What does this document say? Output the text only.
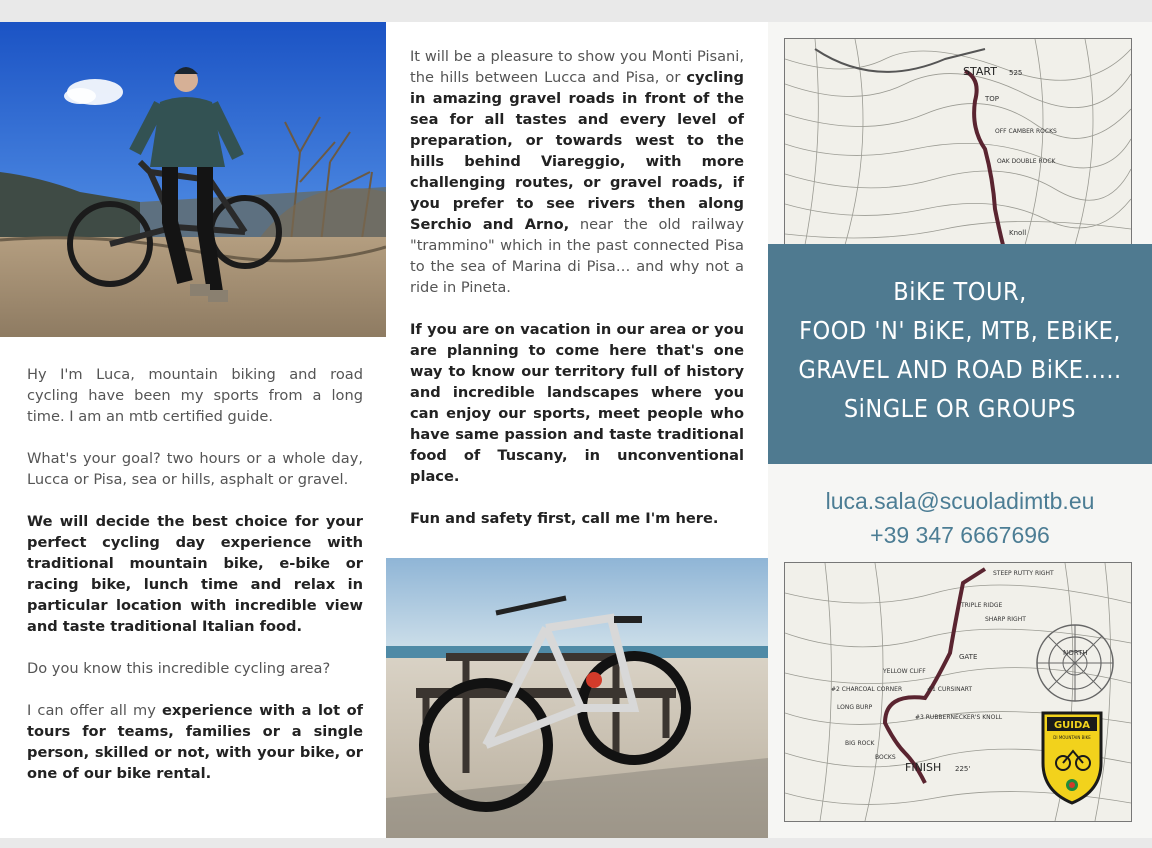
Hy I'm Luca, mountain biking and road cycling have been my sports from a long time. I am an mtb certified guide.

What's your goal? two hours or a whole day, Lucca or Pisa, sea or hills, asphalt or gravel.

We will decide the best choice for your perfect cycling day experience with traditional mountain bike, e-bike or racing bike, lunch time and relax in particular location with incredible view and taste traditional Italian food.

Do you know this incredible cycling area?

I can offer all my experience with a lot of tours for teams, families or a single person, skilled or not, with your bike, or one of our bike rental.

It will be a pleasure to show you Monti Pisani, the hills between Lucca and Pisa, or cycling in amazing gravel roads in front of the sea for all tastes and every level of preparation, or towards west to the hills behind Viareggio, with more challenging routes, or gravel roads, if you prefer to see rivers then along Serchio and Arno, near the old railway "trammino" which in the past connected Pisa to the sea of Marina di Pisa… and why not a ride in Pineta.

If you are on vacation in our area or you are planning to come here that's one way to know our territory full of history and incredible landscapes where you can enjoy our sports, meet people who have same passion and taste traditional food of Tuscany, in unconventional place.

Fun and safety first, call me I'm here.

START 525
TOP
OFF CAMBER ROCKS
OAK DOUBLE ROCK
Knoll
BiKE TOUR,
FOOD 'N' BiKE, MTB, EBiKE,
GRAVEL AND ROAD BiKE.....
SiNGLE OR GROUPS
luca.sala@scuoladimtb.eu
+39 347 6667696
NORTH
STEEP RUTTY RIGHT
TRIPLE RIDGE
SHARP RIGHT
GATE
YELLOW CLIFF
#2 CHARCOAL CORNER	#1 CURSINART
LONG BURP
#3 RUBBERNECKER'S KNOLL
BIG ROCK
BOCKS
FINISH 225'
GUIDA
DI MOUNTAIN BIKE
